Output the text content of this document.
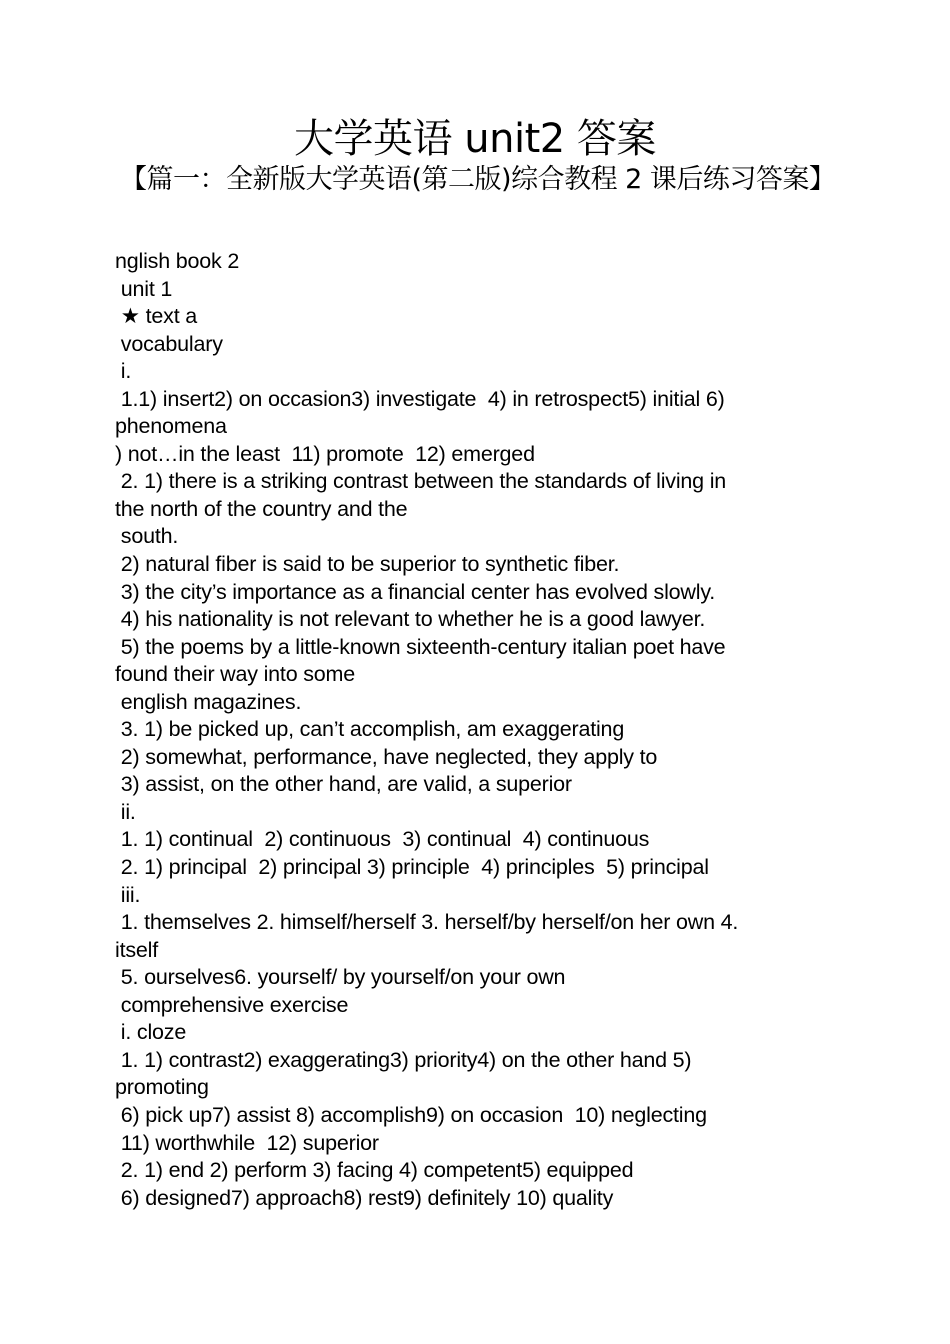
大学英语 unit2 答案
【篇一：全新版大学英语(第二版)综合教程 2 课后练习答案】
nglish book 2
unit 1
★ text a
vocabulary
i.
1.1) insert2) on occasion3) investigate  4) in retrospect5) initial 6)
phenomena
) not…in the least  11) promote  12) emerged
2. 1) there is a striking contrast between the standards of living in
the north of the country and the
south.
2) natural fiber is said to be superior to synthetic fiber.
3) the city’s importance as a financial center has evolved slowly.
4) his nationality is not relevant to whether he is a good lawyer.
5) the poems by a little-known sixteenth-century italian poet have
found their way into some
english magazines.
3. 1) be picked up, can’t accomplish, am exaggerating
2) somewhat, performance, have neglected, they apply to
3) assist, on the other hand, are valid, a superior
ii.
1. 1) continual  2) continuous  3) continual  4) continuous
2. 1) principal  2) principal 3) principle  4) principles  5) principal
iii.
1. themselves 2. himself/herself 3. herself/by herself/on her own 4.
itself
5. ourselves6. yourself/ by yourself/on your own
comprehensive exercise
i. cloze
1. 1) contrast2) exaggerating3) priority4) on the other hand 5)
promoting
6) pick up7) assist 8) accomplish9) on occasion  10) neglecting
11) worthwhile  12) superior
2. 1) end 2) perform 3) facing 4) competent5) equipped
6) designed7) approach8) rest9) definitely 10) quality
